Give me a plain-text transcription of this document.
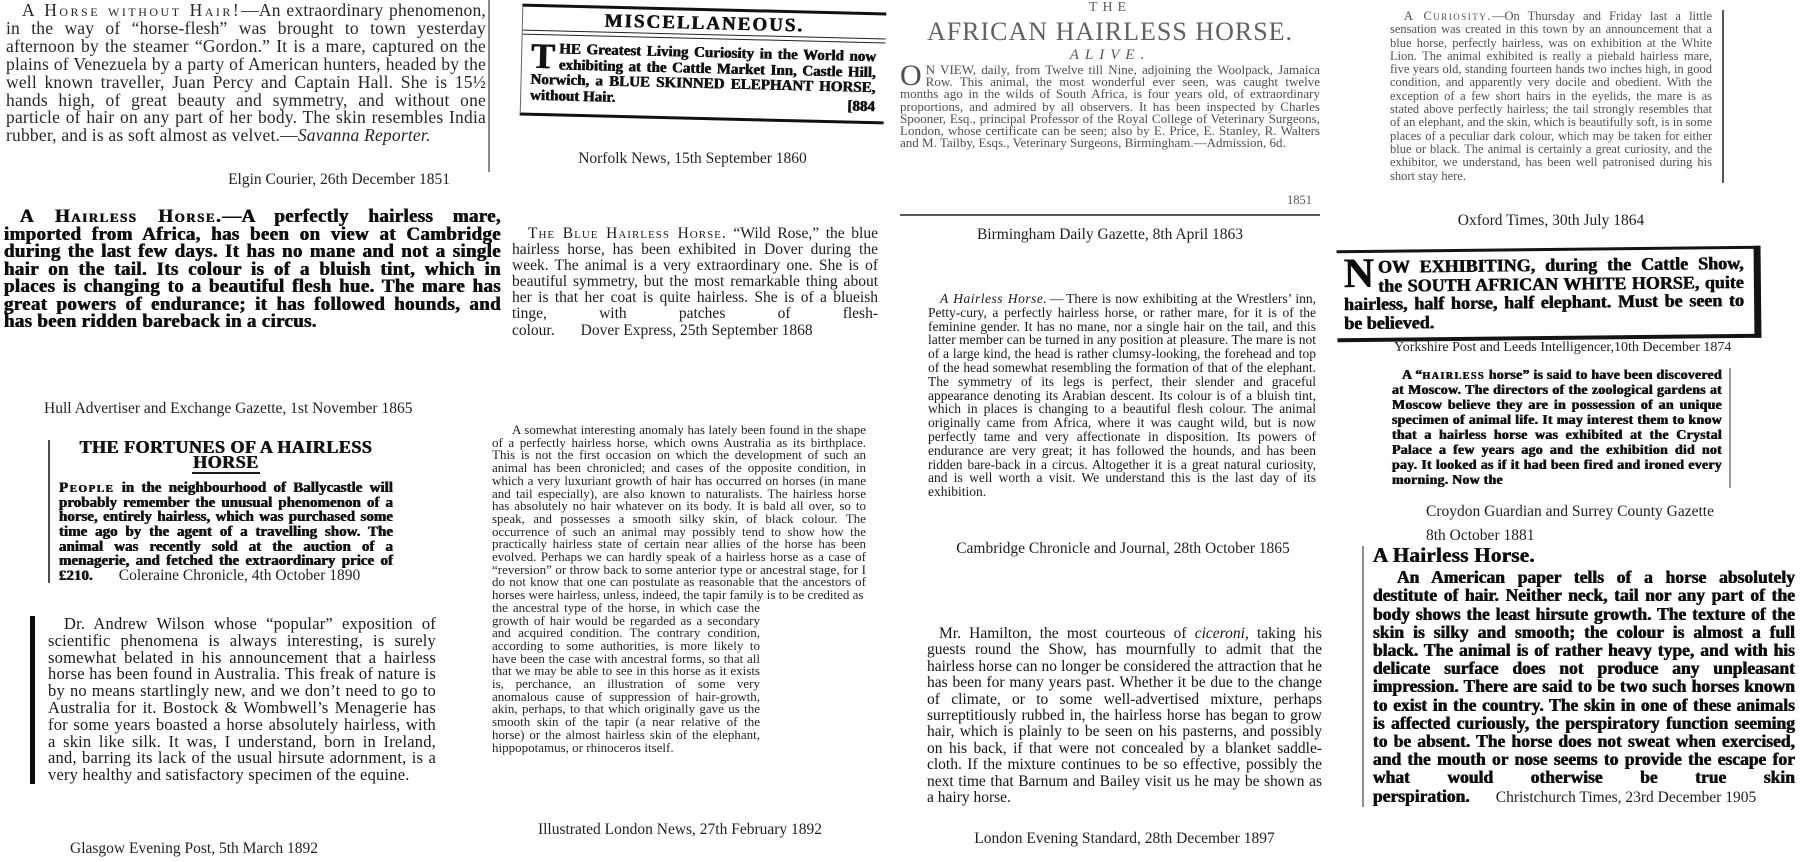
A Horse without Hair!—An extraordinary phenomenon, in the way of “horse-flesh” was brought to town yesterday afternoon by the steamer “Gordon.” It is a mare, captured on the plains of Venezuela by a party of American hunters, headed by the well known traveller, Juan Percy and Captain Hall. She is 15½ hands high, of great beauty and symmetry, and without one particle of hair on any part of her body. The skin resembles India rubber, and is as soft almost as velvet.—Savanna Reporter.

Elgin Courier, 26th December 1851

A Hairless Horse.—A perfectly hairless mare, imported from Africa, has been on view at Cambridge during the last few days. It has no mane and not a single hair on the tail. Its colour is of a bluish tint, which in places is changing to a beautiful flesh hue. The mare has great powers of endurance; it has followed hounds, and has been ridden bareback in a circus.

Hull Advertiser and Exchange Gazette, 1st November 1865
THE FORTUNES OF A HAIRLESS HORSE

People in the neighbourhood of Ballycastle will probably remember the unusual phenomenon of a horse, entirely hairless, which was purchased some time ago by the agent of a travelling show. The animal was recently sold at the auction of a menagerie, and fetched the extraordinary price of £210. Coleraine Chronicle, 4th October 1890

Dr. Andrew Wilson whose “popular” exposition of scientific phenomena is always interesting, is surely somewhat belated in his announcement that a hairless horse has been found in Australia. This freak of nature is by no means startlingly new, and we don’t need to go to Australia for it. Bostock & Wombwell’s Menagerie has for some years boasted a horse absolutely hairless, with a skin like silk. It was, I understand, born in Ireland, and, barring its lack of the usual hirsute adornment, is a very healthy and satisfactory specimen of the equine.

Glasgow Evening Post, 5th March 1892
MISCELLANEOUS.

THE Greatest Living Curiosity in the World now exhibiting at the Cattle Market Inn, Castle Hill, Norwich, a BLUE SKINNED ELEPHANT HORSE, without Hair.

[884
Norfolk News, 15th September 1860

The Blue Hairless Horse. “Wild Rose,” the blue hairless horse, has been exhibited in Dover during the week. The animal is a very extraordinary one. She is of beautiful symmetry, but the most remarkable thing about her is that her coat is quite hairless. She is of a blueish tinge, with patches of flesh-colour. Dover Express, 25th September 1868

A somewhat interesting anomaly has lately been found in the shape of a perfectly hairless horse, which owns Australia as its birthplace. This is not the first occasion on which the development of such an animal has been chronicled; and cases of the opposite condition, in which a very luxuriant growth of hair has occurred on horses (in mane and tail especially), are also known to naturalists. The hairless horse has absolutely no hair whatever on its body. It is bald all over, so to speak, and possesses a smooth silky skin, of black colour. The occurrence of such an animal may possibly tend to show how the practically hairless state of certain near allies of the horse has been evolved. Perhaps we can hardly speak of a hairless horse as a case of “reversion” or throw back to some anterior type or ancestral stage, for I do not know that one can postulate as reasonable that the ancestors of horses were hairless, unless, indeed, the tapir family is to be credited as

the ancestral type of the horse, in which case the growth of hair would be regarded as a secondary and acquired condition. The contrary condition, according to some authorities, is more likely to have been the case with ancestral forms, so that all that we may be able to see in this horse as it exists is, perchance, an illustration of some very anomalous cause of suppression of hair-growth, akin, perhaps, to that which originally gave us the smooth skin of the tapir (a near relative of the horse) or the almost hairless skin of the elephant, hippopotamus, or rhinoceros itself.

Illustrated London News, 27th February 1892

THE

AFRICAN HAIRLESS HORSE.

ALIVE.

O N VIEW, daily, from Twelve till Nine, adjoining the Woolpack, Jamaica Row. This animal, the most wonderful ever seen, was caught twelve months ago in the wilds of South Africa, is four years old, of extraordinary proportions, and admired by all observers. It has been inspected by Charles Spooner, Esq., principal Professor of the Royal College of Veterinary Surgeons, London, whose certificate can be seen; also by E. Price, E. Stanley, R. Walters and M. Tailby, Esqs., Veterinary Surgeons, Birmingham.—Admission, 6d.

1851
Birmingham Daily Gazette, 8th April 1863

A Hairless Horse. — There is now exhibiting at the Wrestlers’ inn, Petty-cury, a perfectly hairless horse, or rather mare, for it is of the feminine gender. It has no mane, nor a single hair on the tail, and this latter member can be turned in any position at pleasure. The mare is not of a large kind, the head is rather clumsy-looking, the forehead and top of the head somewhat resembling the formation of that of the elephant. The symmetry of its legs is perfect, their slender and graceful appearance denoting its Arabian descent. Its colour is of a bluish tint, which in places is changing to a beautiful flesh colour. The animal originally came from Africa, where it was caught wild, but is now perfectly tame and very affectionate in disposition. Its powers of endurance are very great; it has followed the hounds, and has been ridden bare-back in a circus. Altogether it is a great natural curiosity, and is well worth a visit. We understand this is the last day of its exhibition.

Cambridge Chronicle and Journal, 28th October 1865

Mr. Hamilton, the most courteous of ciceroni, taking his guests round the Show, has mournfully to admit that the hairless horse can no longer be considered the attraction that he has been for many years past. Whether it be due to the change of climate, or to some well-advertised mixture, perhaps surreptitiously rubbed in, the hairless horse has began to grow hair, which is plainly to be seen on his pasterns, and possibly on his back, if that were not concealed by a blanket saddle-cloth. If the mixture continues to be so effective, possibly the next time that Barnum and Bailey visit us he may be shown as a hairy horse.

London Evening Standard, 28th December 1897

A Curiosity.—On Thursday and Friday last a little sensation was created in this town by an announcement that a blue horse, perfectly hairless, was on exhibition at the White Lion. The animal exhibited is really a piebald hairless mare, five years old, standing fourteen hands two inches high, in good condition, and apparently very docile and obedient. With the exception of a few short hairs in the eyelids, the mare is as stated above perfectly hairless; the tail strongly resembles that of an elephant, and the skin, which is beautifully soft, is in some places of a peculiar dark colour, which may be taken for either blue or black. The animal is certainly a great curiosity, and the exhibitor, we understand, has been well patronised during his short stay here.

Oxford Times, 30th July 1864

NOW EXHIBITING, during the Cattle Show, the SOUTH AFRICAN WHITE HORSE, quite hairless, half horse, half elephant. Must be seen to be believed.

Yorkshire Post and Leeds Intelligencer,10th December 1874

A “hairless horse” is said to have been discovered at Moscow. The directors of the zoological gardens at Moscow believe they are in possession of an unique specimen of animal life. It may interest them to know that a hairless horse was exhibited at the Crystal Palace a few years ago and the exhibition did not pay. It looked as if it had been fired and ironed every morning. Now the

Croydon Guardian and Surrey County Gazette
8th October 1881
A Hairless Horse.

An American paper tells of a horse absolutely destitute of hair. Neither neck, tail nor any part of the body shows the least hirsute growth. The texture of the skin is silky and smooth; the colour is almost a full black. The animal is of rather heavy type, and with his delicate surface does not produce any unpleasant impression. There are said to be two such horses known to exist in the country. The skin in one of these animals is affected curiously, the perspiratory function seeming to be absent. The horse does not sweat when exercised, and the mouth or nose seems to provide the escape for what would otherwise be true skin perspiration. Christchurch Times, 23rd December 1905
